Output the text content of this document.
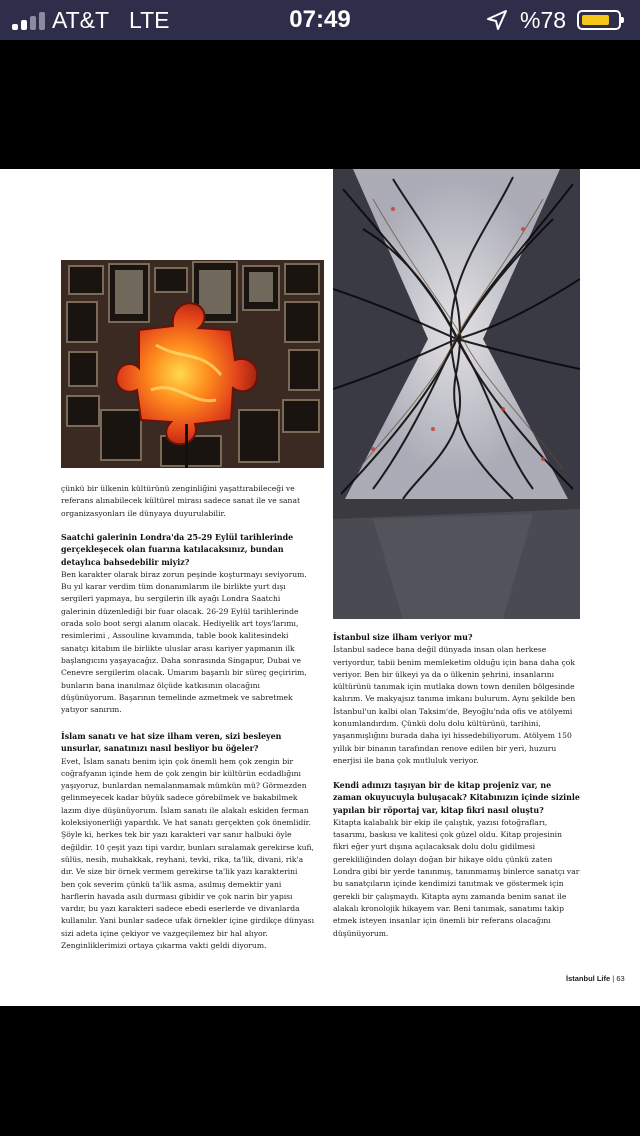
AT&T LTE	07:49	%78

çünkü bir ülkenin kültürünü zenginliğini yaşattırabileceği ve referans alınabilecek kültürel mirası sadece sanat ile ve sanat organizasyonları ile dünyaya duyurulabilir.

Saatchi galerinin Londra'da 25-29 Eylül tarihlerinde gerçekleşecek olan fuarına katılacaksınız, bundan detaylıca bahsedebilir miyiz?

Ben karakter olarak biraz zorun peşinde koşturmayı seviyorum. Bu yıl karar verdim tüm donanımlarım ile birlikte yurt dışı sergileri yapmaya, bu sergilerin ilk ayağı Londra Saatchi galerinin düzenlediği bir fuar olacak. 26-29 Eylül tarihlerinde orada solo boot sergi alanım olacak. Hediyelik art toys'larımı, resimlerimi , Assouline kıvamında, table book kalitesindeki sanatçı kitabım ile birlikte uluslar arası kariyer yapmanın ilk başlangıcını yaşayacağız. Daha sonrasında Singapur, Dubai ve Cenevre sergilerim olacak. Umarım başarılı bir süreç geçiririm, bunların bana inanılmaz ölçüde katkısının olacağını düşünüyorum. Başarının temelinde azmetmek ve sabretmek yatıyor sanırım.

İslam sanatı ve hat size ilham veren, sizi besleyen unsurlar, sanatınızı nasıl besliyor bu öğeler?

Evet, İslam sanatı benim için çok önemli hem çok zengin bir coğrafyanın içinde hem de çok zengin bir kültürün ecdadlığını yaşıyoruz, bunlardan nemalanmamak mümkün mü? Görmezden gelinmeyecek kadar büyük sadece görebilmek ve bakabilmek lazım diye düşünüyorum. İslam sanatı ile alakalı eskiden ferman koleksiyonerliği yapardık. Ve hat sanatı gerçekten çok önemlidir. Şöyle ki, herkes tek bir yazı karakteri var sanır halbuki öyle değildir. 10 çeşit yazı tipi vardır, bunları sıralamak gerekirse kufi, sülüs, nesih, muhakkak, reyhani, tevki, rika, ta'lik, divani, rik'a dır. Ve size bir örnek vermem gerekirse ta'lik yazı karakterini ben çok severim çünkü ta'lik asma, asılmış demektir yani harflerin havada asılı durması gibidir ve çok narin bir yapısı vardır, bu yazı karakteri sadece ebedi eserlerde ve divanlarda kullanılır. Yani bunlar sadece ufak örnekler içine girdikçe dünyası sizi adeta içine çekiyor ve vazgeçilemez bir hal alıyor. Zenginliklerimizi ortaya çıkarma vakti geldi diyorum.

İstanbul size ilham veriyor mu?

İstanbul sadece bana değil dünyada insan olan herkese veriyordur, tabii benim memleketim olduğu için bana daha çok veriyor. Ben bir ülkeyi ya da o ülkenin şehrini, insanlarını kültürünü tanımak için mutlaka down town denilen bölgesinde kalırım. Ve makyajsız tanıma imkanı bulurum. Aynı şekilde ben İstanbul'un kalbi olan Taksim'de, Beyoğlu'nda ofis ve atölyemi konumlandırdım. Çünkü dolu dolu kültürünü, tarihini, yaşanmışlığını burada daha iyi hissedebiliyorum. Atölyem 150 yıllık bir binanın tarafından renove edilen bir yeri, huzuru enerjisi ile bana çok mutluluk veriyor.

Kendi adınızı taşıyan bir de kitap projeniz var, ne zaman okuyucuyla buluşacak? Kitabınızın içinde sizinle yapılan bir röportaj var, kitap fikri nasıl oluştu?

Kitapta kalabalık bir ekip ile çalıştık, yazısı fotoğrafları, tasarımı, baskısı ve kalitesi çok güzel oldu. Kitap projesinin fikri eğer yurt dışına açılacaksak dolu dolu gidilmesi gerekliliğinden dolayı doğan bir hikaye oldu çünkü zaten Londra gibi bir yerde tanınmış, tanınmamış binlerce sanatçı var bu sanatçıların içinde kendimizi tanıtmak ve göstermek için gerekli bir çalışmaydı. Kitapta aynı zamanda benim sanat ile alakalı kronolojik hikayem var. Beni tanımak, sanatımı takip etmek isteyen insanlar için önemli bir referans olacağını düşünüyorum.

İstanbul Life | 63
